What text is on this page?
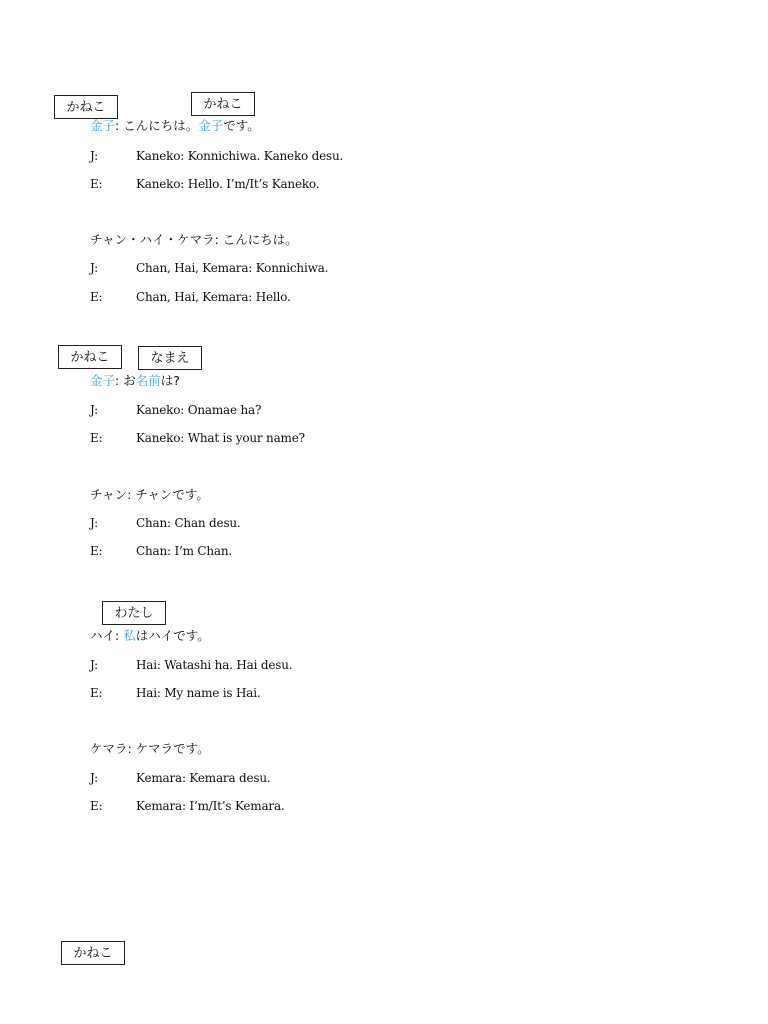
かねこ	かねこ
かねこ	なまえ
わたし
かねこ
金子: こんにちは。金子です。
J:	Kaneko: Konnichiwa. Kaneko desu.
E:	Kaneko: Hello. I’m/It’s Kaneko.
チャン・ハイ・ケマラ: こんにちは。
J:	Chan, Hai, Kemara: Konnichiwa.
E:	Chan, Hai, Kemara: Hello.
金子: お名前は?
J:	Kaneko: Onamae ha?
E:	Kaneko: What is your name?
チャン: チャンです。
J:	Chan: Chan desu.
E:	Chan: I’m Chan.
ハイ: 私はハイです。
J:	Hai: Watashi ha. Hai desu.
E:	Hai: My name is Hai.
ケマラ: ケマラです。
J:	Kemara: Kemara desu.
E:	Kemara: I’m/It’s Kemara.
